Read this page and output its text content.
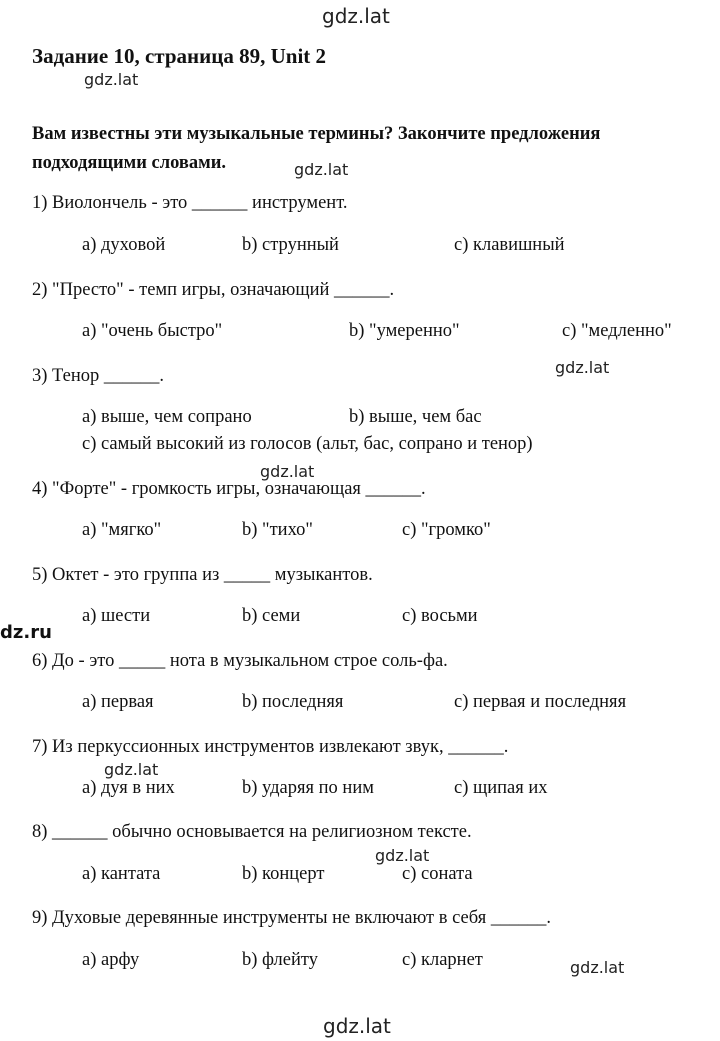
gdz.lat
gdz.lat
gdz.lat
gdz.lat
gdz.lat
dz.ru
gdz.lat
gdz.lat
gdz.lat
gdz.lat
Задание 10, страница 89, Unit 2
Вам известны эти музыкальные термины? Закончите предложения подходящими словами.
1) Виолончель - это ______ инструмент.
a) духовой	b) струнный	c) клавишный
2) "Престо" - темп игры, означающий ______.
a) "очень быстро"	b) "умеренно"	c) "медленно"
3) Тенор ______.
a) выше, чем сопрано	b) выше, чем бас
c) самый высокий из голосов (альт, бас, сопрано и тенор)
4) "Форте" - громкость игры, означающая ______.
a) "мягко"	b) "тихо"	c) "громко"
5) Октет - это группа из _____ музыкантов.
a) шести	b) семи	c) восьми
6) До - это _____ нота в музыкальном строе соль-фа.
a) первая	b) последняя	c) первая и последняя
7) Из перкуссионных инструментов извлекают звук, ______.
a) дуя в них	b) ударяя по ним	c) щипая их
8) ______ обычно основывается на религиозном тексте.
a) кантата	b) концерт	c) соната
9) Духовые деревянные инструменты не включают в себя ______.
a) арфу	b) флейту	c) кларнет
